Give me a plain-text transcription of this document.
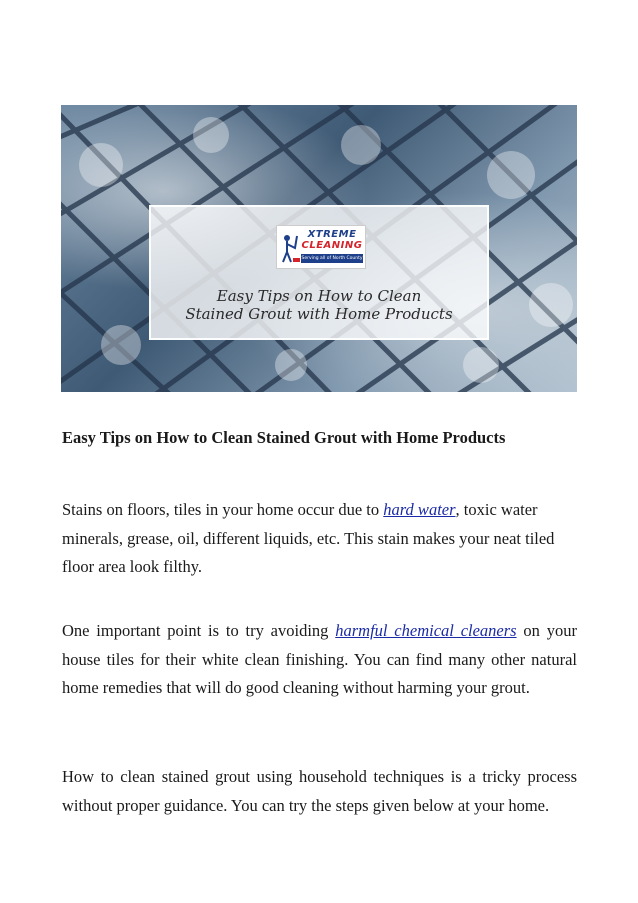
XTREME
CLEANING
Serving all of North County
Easy Tips on How to Clean
Stained Grout with Home Products
Easy Tips on How to Clean Stained Grout with Home Products

Stains on floors, tiles in your home occur due to hard water, toxic water minerals, grease, oil, different liquids, etc. This stain makes your neat tiled floor area look filthy.

One important point is to try avoiding harmful chemical cleaners on your house tiles for their white clean finishing. You can find many other natural home remedies that will do good cleaning without harming your grout.

How to clean stained grout using household techniques is a tricky process without proper guidance. You can try the steps given below at your home.
